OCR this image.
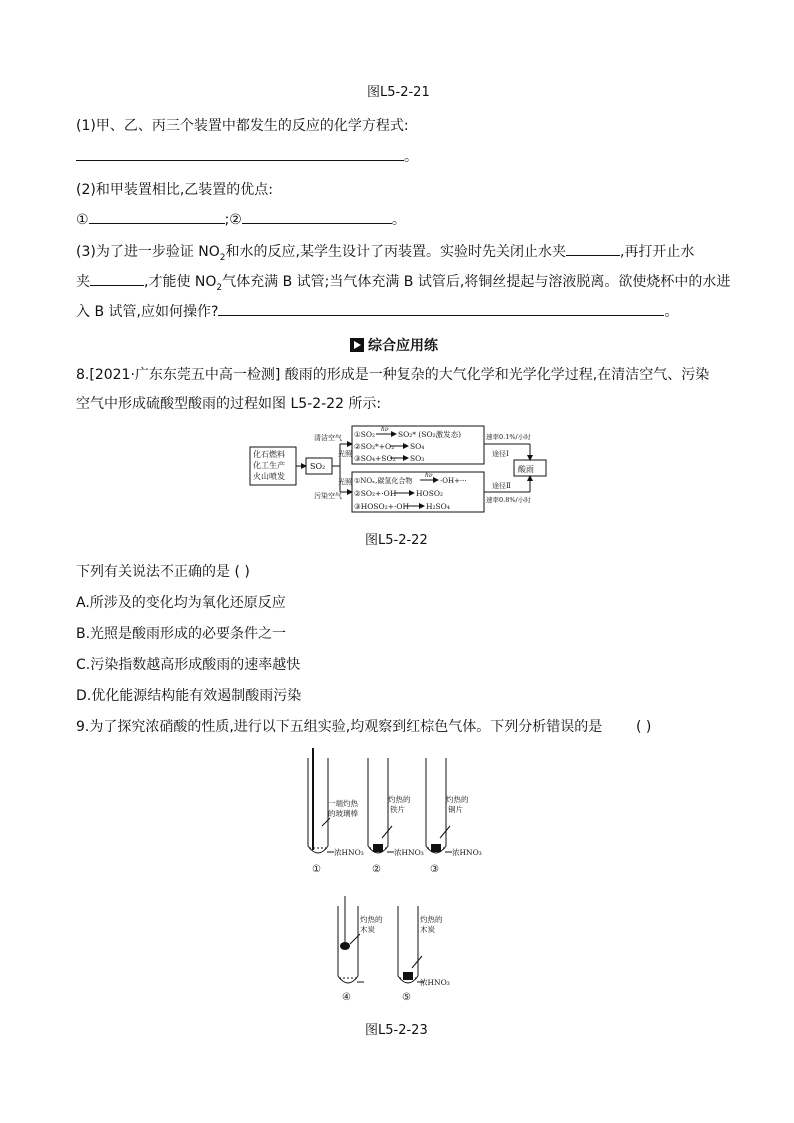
图L5-2-21
(1)甲、乙、丙三个装置中都发生的反应的化学方程式:
。
(2)和甲装置相比,乙装置的优点:
①	;②	。
(3)为了进一步验证 $NO_2$和水的反应,某学生设计了丙装置。实验时先关闭止水夹	,再打开止水
夹	,才能使 $NO_2$气体充满 B 试管;当气体充满 B 试管后,将铜丝提起与溶液脱离。欲使烧杯中的水进
入 B 试管,应如何操作?	。
综合应用练
8.[2021·广东东莞五中高一检测] 酸雨的形成是一种复杂的大气化学和光学化学过程,在清洁空气、污染
空气中形成硫酸型酸雨的过程如图 L5-2-22 所示:
化石燃料
化工生产
火山喷发
SO₂
清洁空气
光照
光照
污染空气
①SO₂
hν
SO₂* (SO₂激发态)
②SO₂*+O₂ SO₄
③SO₄+SO₂ SO₃
①NOₓ,碳氢化合物
hν
·OH+···
②SO₂+·OH	HOSO₂
③HOSO₂+·OH H₂SO₄
速率0.1%/小时
途径Ⅰ
酸雨
途径Ⅱ
速率0.8%/小时
图L5-2-22
下列有关说法不正确的是 ( )
A.所涉及的变化均为氧化还原反应
B.光照是酸雨形成的必要条件之一
C.污染指数越高形成酸雨的速率越快
D.优化能源结构能有效遏制酸雨污染
9.为了探究浓硝酸的性质,进行以下五组实验,均观察到红棕色气体。下列分析错误的是 ( )
一端灼热
的玻璃棒
灼热的
铁片
灼热的
铜片
浓HNO₃	浓HNO₃	浓HNO₃
灼热的
木炭
灼热的
木炭
浓HNO₃
①	②	③
④	⑤
图L5-2-23
